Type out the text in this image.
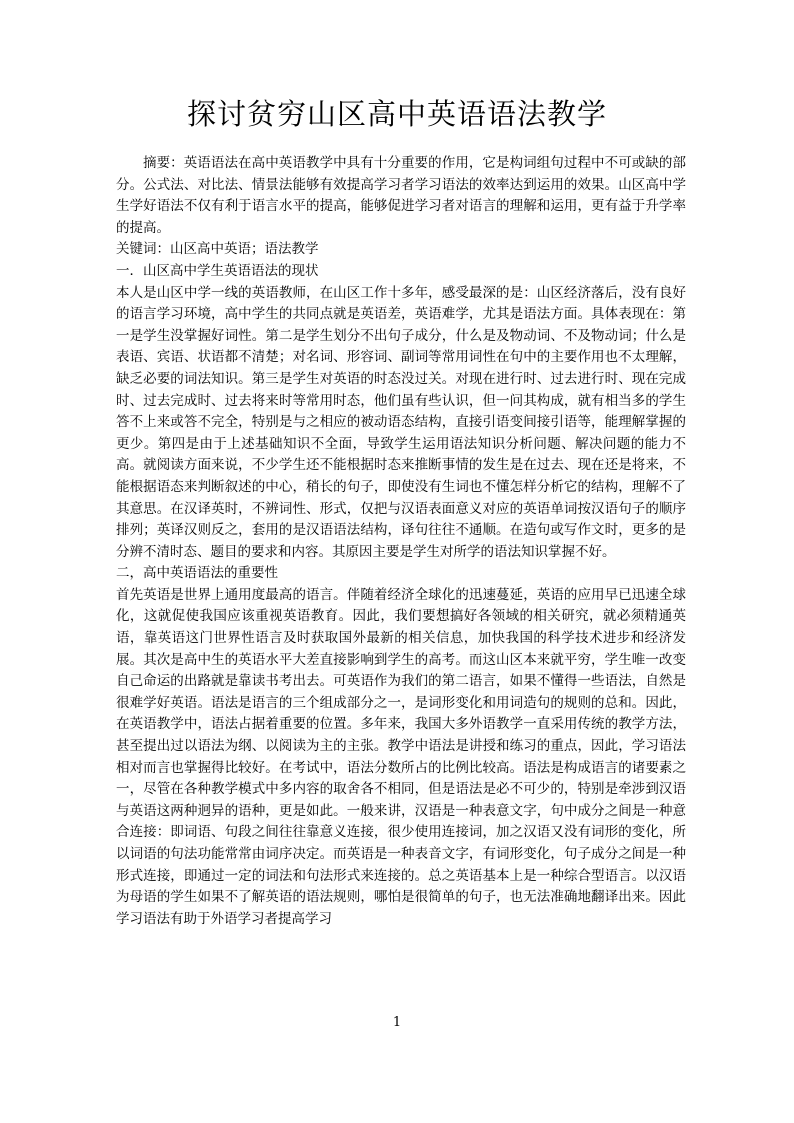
探讨贫穷山区高中英语语法教学

摘要：英语语法在高中英语教学中具有十分重要的作用，它是构词组句过程中不可或缺的部分。公式法、对比法、情景法能够有效提高学习者学习语法的效率达到运用的效果。山区高中学生学好语法不仅有利于语言水平的提高，能够促进学习者对语言的理解和运用，更有益于升学率的提高。

关键词：山区高中英语；语法教学

一．山区高中学生英语语法的现状

本人是山区中学一线的英语教师，在山区工作十多年，感受最深的是：山区经济落后，没有良好的语言学习环境，高中学生的共同点就是英语差，英语难学，尤其是语法方面。具体表现在：第一是学生没掌握好词性。第二是学生划分不出句子成分，什么是及物动词、不及物动词；什么是表语、宾语、状语都不清楚；对名词、形容词、副词等常用词性在句中的主要作用也不太理解，缺乏必要的词法知识。第三是学生对英语的时态没过关。对现在进行时、过去进行时、现在完成时、过去完成时、过去将来时等常用时态，他们虽有些认识，但一问其构成，就有相当多的学生答不上来或答不完全，特别是与之相应的被动语态结构，直接引语变间接引语等，能理解掌握的更少。第四是由于上述基础知识不全面，导致学生运用语法知识分析问题、解决问题的能力不高。就阅读方面来说，不少学生还不能根据时态来推断事情的发生是在过去、现在还是将来，不能根据语态来判断叙述的中心，稍长的句子，即使没有生词也不懂怎样分析它的结构，理解不了其意思。在汉译英时，不辨词性、形式，仅把与汉语表面意义对应的英语单词按汉语句子的顺序排列；英译汉则反之，套用的是汉语语法结构，译句往往不通顺。在造句或写作文时，更多的是分辨不清时态、题目的要求和内容。其原因主要是学生对所学的语法知识掌握不好。

二，高中英语语法的重要性

首先英语是世界上通用度最高的语言。伴随着经济全球化的迅速蔓延，英语的应用早已迅速全球化，这就促使我国应该重视英语教育。因此，我们要想搞好各领域的相关研究，就必须精通英语，靠英语这门世界性语言及时获取国外最新的相关信息，加快我国的科学技术进步和经济发展。其次是高中生的英语水平大差直接影响到学生的高考。而这山区本来就平穷，学生唯一改变自己命运的出路就是靠读书考出去。可英语作为我们的第二语言，如果不懂得一些语法，自然是很难学好英语。语法是语言的三个组成部分之一，是词形变化和用词造句的规则的总和。因此，在英语教学中，语法占据着重要的位置。多年来，我国大多外语教学一直采用传统的教学方法，甚至提出过以语法为纲、以阅读为主的主张。教学中语法是讲授和练习的重点，因此，学习语法相对而言也掌握得比较好。在考试中，语法分数所占的比例比较高。语法是构成语言的诸要素之一，尽管在各种教学模式中多内容的取舍各不相同，但是语法是必不可少的，特别是牵涉到汉语与英语这两种迥异的语种，更是如此。一般来讲，汉语是一种表意文字，句中成分之间是一种意合连接：即词语、句段之间往往靠意义连接，很少使用连接词，加之汉语又没有词形的变化，所以词语的句法功能常常由词序决定。而英语是一种表音文字，有词形变化，句子成分之间是一种形式连接，即通过一定的词法和句法形式来连接的。总之英语基本上是一种综合型语言。以汉语为母语的学生如果不了解英语的语法规则，哪怕是很简单的句子，也无法准确地翻译出来。因此学习语法有助于外语学习者提高学习

1
